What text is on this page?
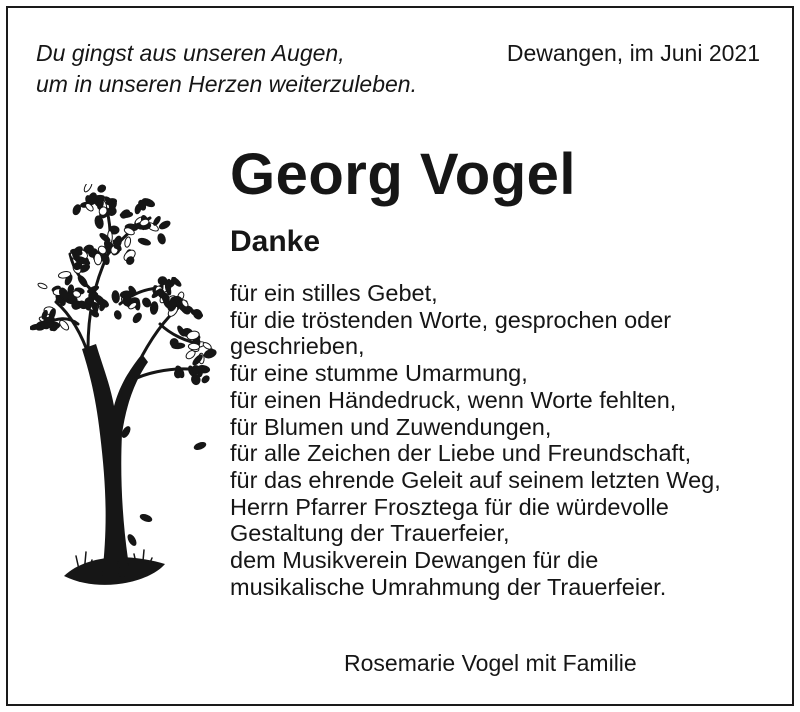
Du gingst aus unseren Augen,
um in unseren Herzen weiterzuleben.
Dewangen, im Juni 2021
Georg Vogel
Danke
für ein stilles Gebet,
für die tröstenden Worte, gesprochen oder
geschrieben,
für eine stumme Umarmung,
für einen Händedruck, wenn Worte fehlten,
für Blumen und Zuwendungen,
für alle Zeichen der Liebe und Freundschaft,
für das ehrende Geleit auf seinem letzten Weg,
Herrn Pfarrer Frosztega für die würdevolle
Gestaltung der Trauerfeier,
dem Musikverein Dewangen für die
musikalische Umrahmung der Trauerfeier.
Rosemarie Vogel mit Familie
